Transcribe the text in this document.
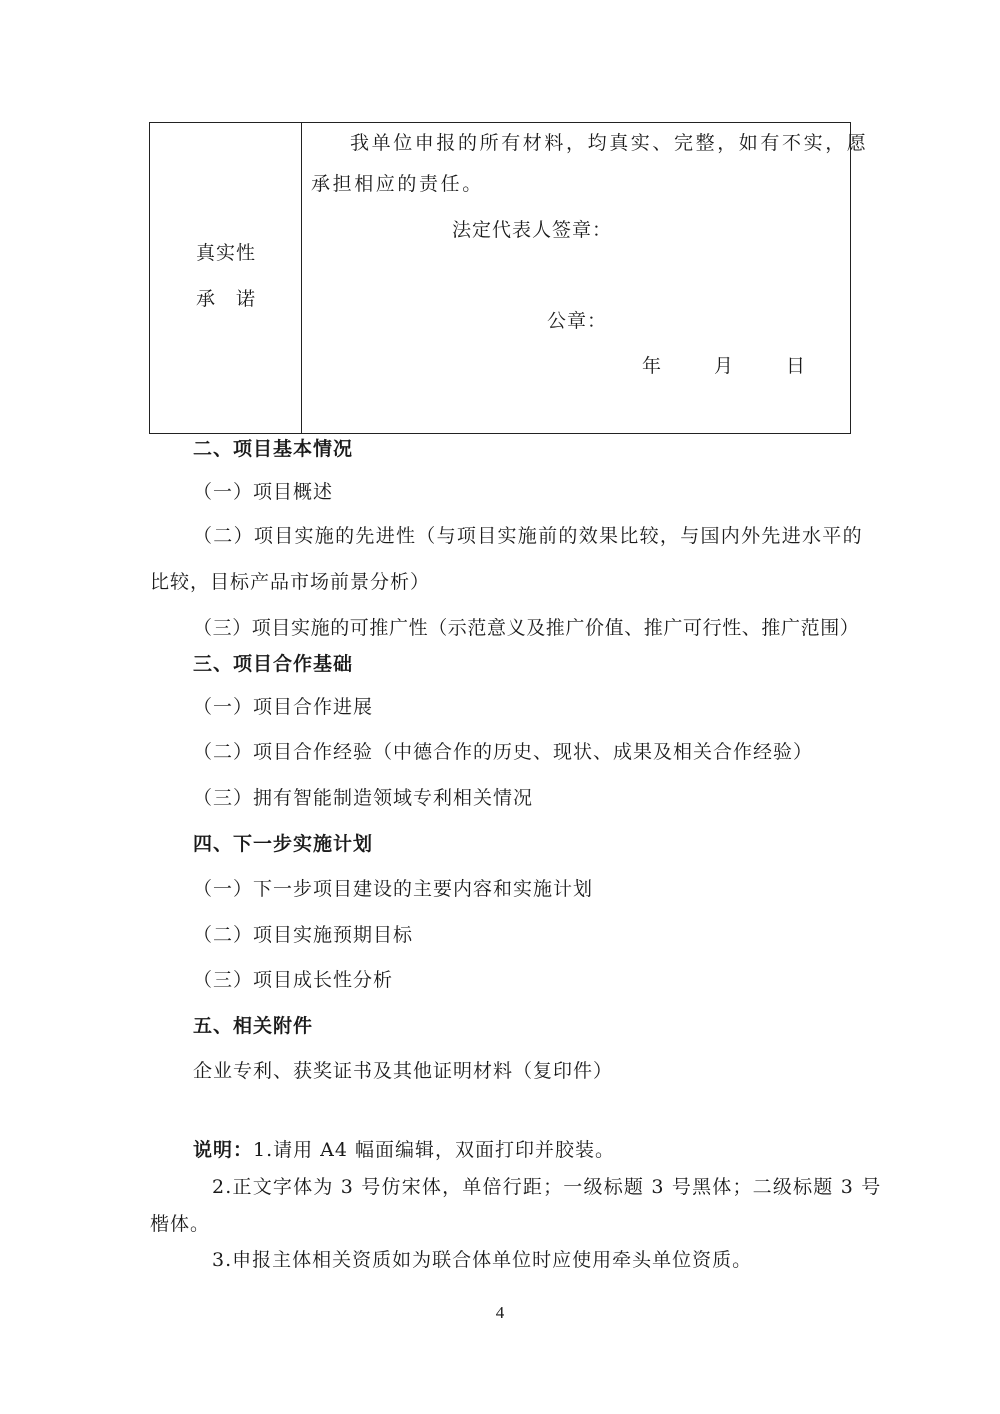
真实性
承　诺
我单位申报的所有材料，均真实、完整，如有不实，愿
承担相应的责任。
法定代表人签章：
公章：
年	月	日
二、项目基本情况
（一）项目概述
（二）项目实施的先进性（与项目实施前的效果比较，与国内外先进水平的
比较，目标产品市场前景分析）
（三）项目实施的可推广性（示范意义及推广价值、推广可行性、推广范围）
三、项目合作基础
（一）项目合作进展
（二）项目合作经验（中德合作的历史、现状、成果及相关合作经验）
（三）拥有智能制造领域专利相关情况
四、下一步实施计划
（一）下一步项目建设的主要内容和实施计划
（二）项目实施预期目标
（三）项目成长性分析
五、相关附件
企业专利、获奖证书及其他证明材料（复印件）
说明：1.请用 A4 幅面编辑，双面打印并胶装。
2.正文字体为 3 号仿宋体，单倍行距；一级标题 3 号黑体；二级标题 3 号
楷体。
3.申报主体相关资质如为联合体单位时应使用牵头单位资质。
4
